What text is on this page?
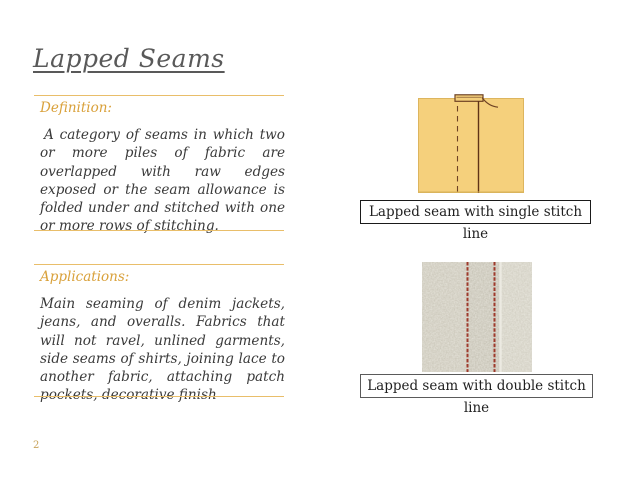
Lapped Seams
Definition:
A category of seams in which two or more piles of fabric are overlapped with raw edges exposed or the seam allowance is folded under and stitched with one or more rows of stitching.
Applications:
Main seaming of denim jackets, jeans, and overalls. Fabrics that will not ravel, unlined garments, side seams of shirts, joining lace to another fabric, attaching patch pockets, decorative finish
Lapped seam with single stitch line
Lapped seam with double stitch line
2
